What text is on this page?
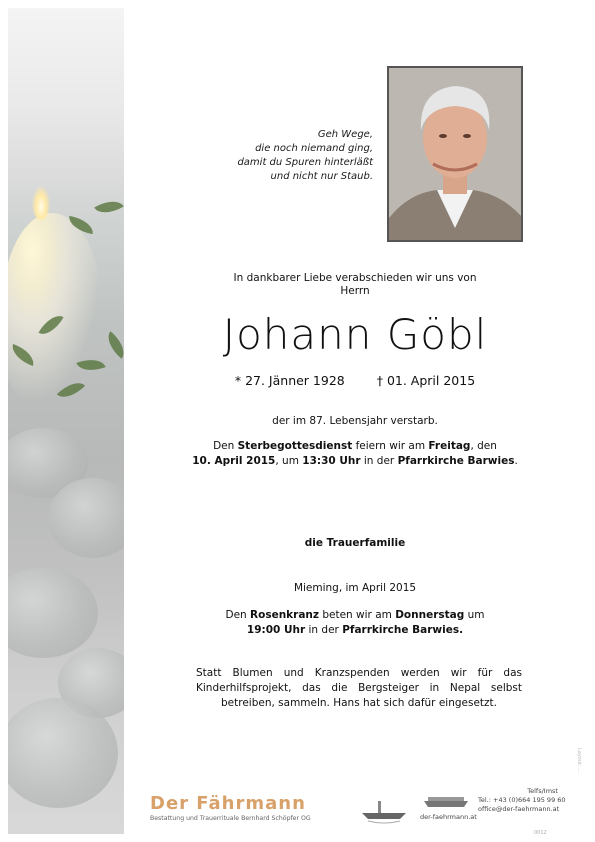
Geh Wege,
die noch niemand ging,
damit du Spuren hinterläßt
und nicht nur Staub.
In dankbarer Liebe verabschieden wir uns von
Herrn
Johann Göbl
* 27. Jänner 1928	† 01. April 2015
der im 87. Lebensjahr verstarb.
Den Sterbegottesdienst feiern wir am Freitag, den
10. April 2015, um 13:30 Uhr in der Pfarrkirche Barwies.
die Trauerfamilie
Mieming, im April 2015
Den Rosenkranz beten wir am Donnerstag um
19:00 Uhr in der Pfarrkirche Barwies.
Statt Blumen und Kranzspenden werden wir für das Kinderhilfsprojekt, das die Bergsteiger in Nepal selbst betreiben, sammeln. Hans hat sich dafür eingesetzt.
Der Fährmann
Bestattung und Trauerrituale Bernhard Schöpfer OG	der-faehrmann.at
Telfs/Imst
Tel.: +43 (0)664 195 99 60
office@der-faehrmann.at
0012
Layout: ...
